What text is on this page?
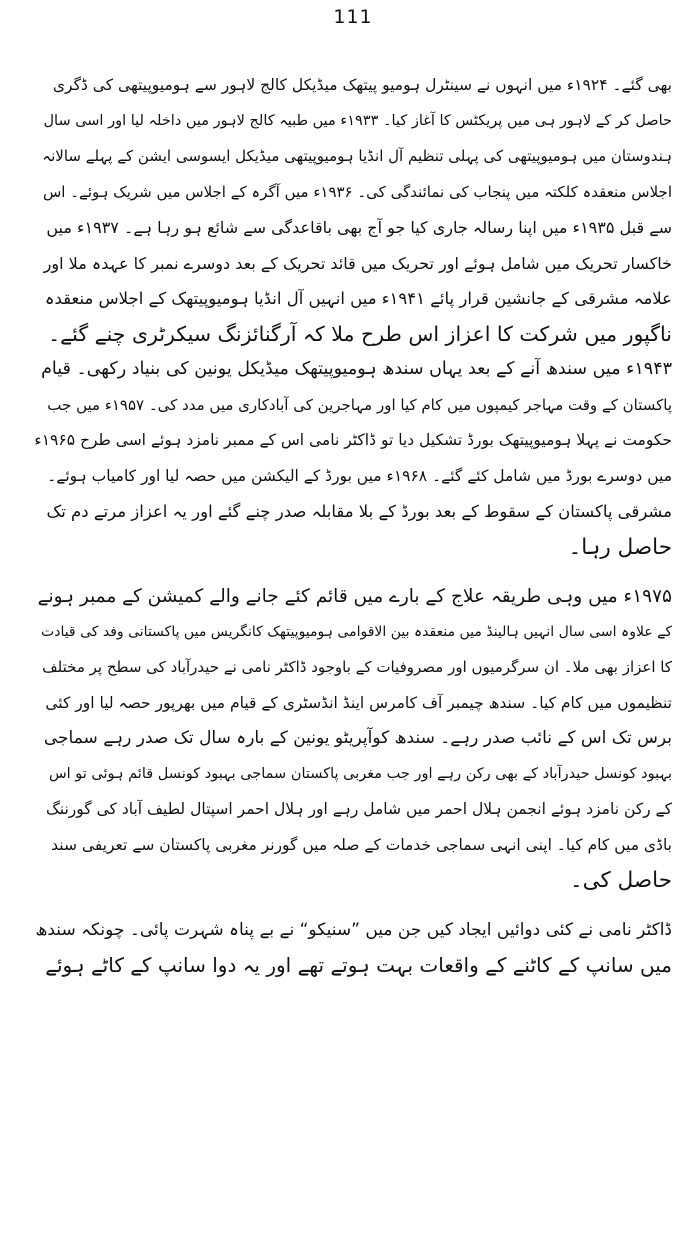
111
بھی گئے۔ ۱۹۲۴ء میں انہوں نے سینٹرل ہومیو پیتھک میڈیکل کالج لاہور سے ہومیوپیتھی کی ڈگری
حاصل کر کے لاہور ہی میں پریکٹس کا آغاز کیا۔ ۱۹۳۳ء میں طبیہ کالج لاہور میں داخلہ لیا اور اسی سال
ہندوستان میں ہومیوپیتھی کی پہلی تنظیم آل انڈیا ہومیوپیتھی میڈیکل ایسوسی ایشن کے پہلے سالانہ
اجلاس منعقدہ کلکتہ میں پنجاب کی نمائندگی کی۔ ۱۹۳۶ء میں آگرہ کے اجلاس میں شریک ہوئے۔ اس
سے قبل ۱۹۳۵ء میں اپنا رسالہ جاری کیا جو آج بھی باقاعدگی سے شائع ہو رہا ہے۔ ۱۹۳۷ء میں
خاکسار تحریک میں شامل ہوئے اور تحریک میں قائد تحریک کے بعد دوسرے نمبر کا عہدہ ملا اور
علامہ مشرقی کے جانشین قرار پائے ۱۹۴۱ء میں انہیں آل انڈیا ہومیوپیتھک کے اجلاس منعقدہ
ناگپور میں شرکت کا اعزاز اس طرح ملا کہ آرگنائزنگ سیکرٹری چنے گئے۔
۱۹۴۳ء میں سندھ آنے کے بعد یہاں سندھ ہومیوپیتھک میڈیکل یونین کی بنیاد رکھی۔ قیام
پاکستان کے وقت مہاجر کیمپوں میں کام کیا اور مہاجرین کی آبادکاری میں مدد کی۔ ۱۹۵۷ء میں جب
حکومت نے پہلا ہومیوپیتھک بورڈ تشکیل دیا تو ڈاکٹر نامی اس کے ممبر نامزد ہوئے اسی طرح ۱۹۶۵ء
میں دوسرے بورڈ میں شامل کئے گئے۔ ۱۹۶۸ء میں بورڈ کے الیکشن میں حصہ لیا اور کامیاب ہوئے۔
مشرقی پاکستان کے سقوط کے بعد بورڈ کے بلا مقابلہ صدر چنے گئے اور یہ اعزاز مرتے دم تک
حاصل رہا۔
۱۹۷۵ء میں وہی طریقہ علاج کے بارے میں قائم کئے جانے والے کمیشن کے ممبر ہونے
کے علاوہ اسی سال انہیں ہالینڈ میں منعقدہ بین الاقوامی ہومیوپیتھک کانگریس میں پاکستانی وفد کی قیادت
کا اعزاز بھی ملا۔ ان سرگرمیوں اور مصروفیات کے باوجود ڈاکٹر نامی نے حیدرآباد کی سطح پر مختلف
تنظیموں میں کام کیا۔ سندھ چیمبر آف کامرس اینڈ انڈسٹری کے قیام میں بھرپور حصہ لیا اور کئی
برس تک اس کے نائب صدر رہے۔ سندھ کوآپریٹو یونین کے بارہ سال تک صدر رہے سماجی
بہبود کونسل حیدرآباد کے بھی رکن رہے اور جب مغربی پاکستان سماجی بہبود کونسل قائم ہوئی تو اس
کے رکن نامزد ہوئے انجمن ہلال احمر میں شامل رہے اور ہلال احمر اسپتال لطیف آباد کی گورننگ
باڈی میں کام کیا۔ اپنی انہی سماجی خدمات کے صلہ میں گورنر مغربی پاکستان سے تعریفی سند
حاصل کی۔
ڈاکٹر نامی نے کئی دوائیں ایجاد کیں جن میں ”سنیکو“ نے بے پناہ شہرت پائی۔ چونکہ سندھ
میں سانپ کے کاٹنے کے واقعات بہت ہوتے تھے اور یہ دوا سانپ کے کاٹے ہوئے
